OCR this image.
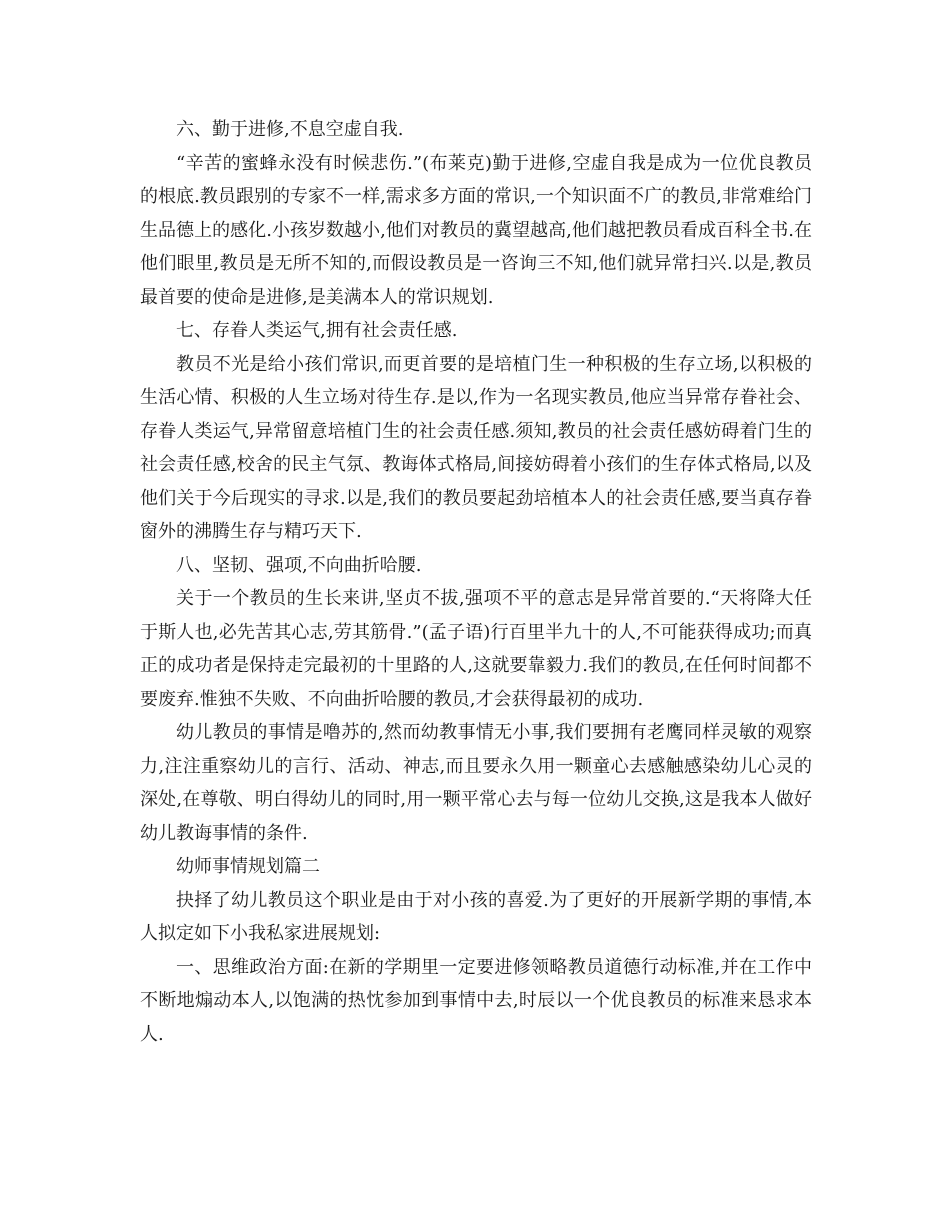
六、勤于进修,不息空虚自我.

“辛苦的蜜蜂永没有时候悲伤.”(布莱克)勤于进修,空虚自我是成为一位优良教员的根底.教员跟别的专家不一样,需求多方面的常识,一个知识面不广的教员,非常难给门生品德上的感化.小孩岁数越小,他们对教员的冀望越高,他们越把教员看成百科全书.在他们眼里,教员是无所不知的,而假设教员是一咨询三不知,他们就异常扫兴.以是,教员最首要的使命是进修,是美满本人的常识规划.

七、存眷人类运气,拥有社会责任感.

教员不光是给小孩们常识,而更首要的是培植门生一种积极的生存立场,以积极的生活心情、积极的人生立场对待生存.是以,作为一名现实教员,他应当异常存眷社会、存眷人类运气,异常留意培植门生的社会责任感.须知,教员的社会责任感妨碍着门生的社会责任感,校舍的民主气氛、教诲体式格局,间接妨碍着小孩们的生存体式格局,以及他们关于今后现实的寻求.以是,我们的教员要起劲培植本人的社会责任感,要当真存眷窗外的沸腾生存与精巧天下.

八、坚韧、强项,不向曲折哈腰.

关于一个教员的生长来讲,坚贞不拔,强项不平的意志是异常首要的.“天将降大任于斯人也,必先苦其心志,劳其筋骨.”(孟子语)行百里半九十的人,不可能获得成功;而真正的成功者是保持走完最初的十里路的人,这就要靠毅力.我们的教员,在任何时间都不要废弃.惟独不失败、不向曲折哈腰的教员,才会获得最初的成功.

幼儿教员的事情是噜苏的,然而幼教事情无小事,我们要拥有老鹰同样灵敏的观察力,注注重察幼儿的言行、活动、神志,而且要永久用一颗童心去感触感染幼儿心灵的深处,在尊敬、明白得幼儿的同时,用一颗平常心去与每一位幼儿交换,这是我本人做好幼儿教诲事情的条件.

幼师事情规划篇二

抉择了幼儿教员这个职业是由于对小孩的喜爱.为了更好的开展新学期的事情,本人拟定如下小我私家进展规划:

一、思维政治方面:在新的学期里一定要进修领略教员道德行动标准,并在工作中不断地煽动本人,以饱满的热忱参加到事情中去,时辰以一个优良教员的标准来恳求本人.
